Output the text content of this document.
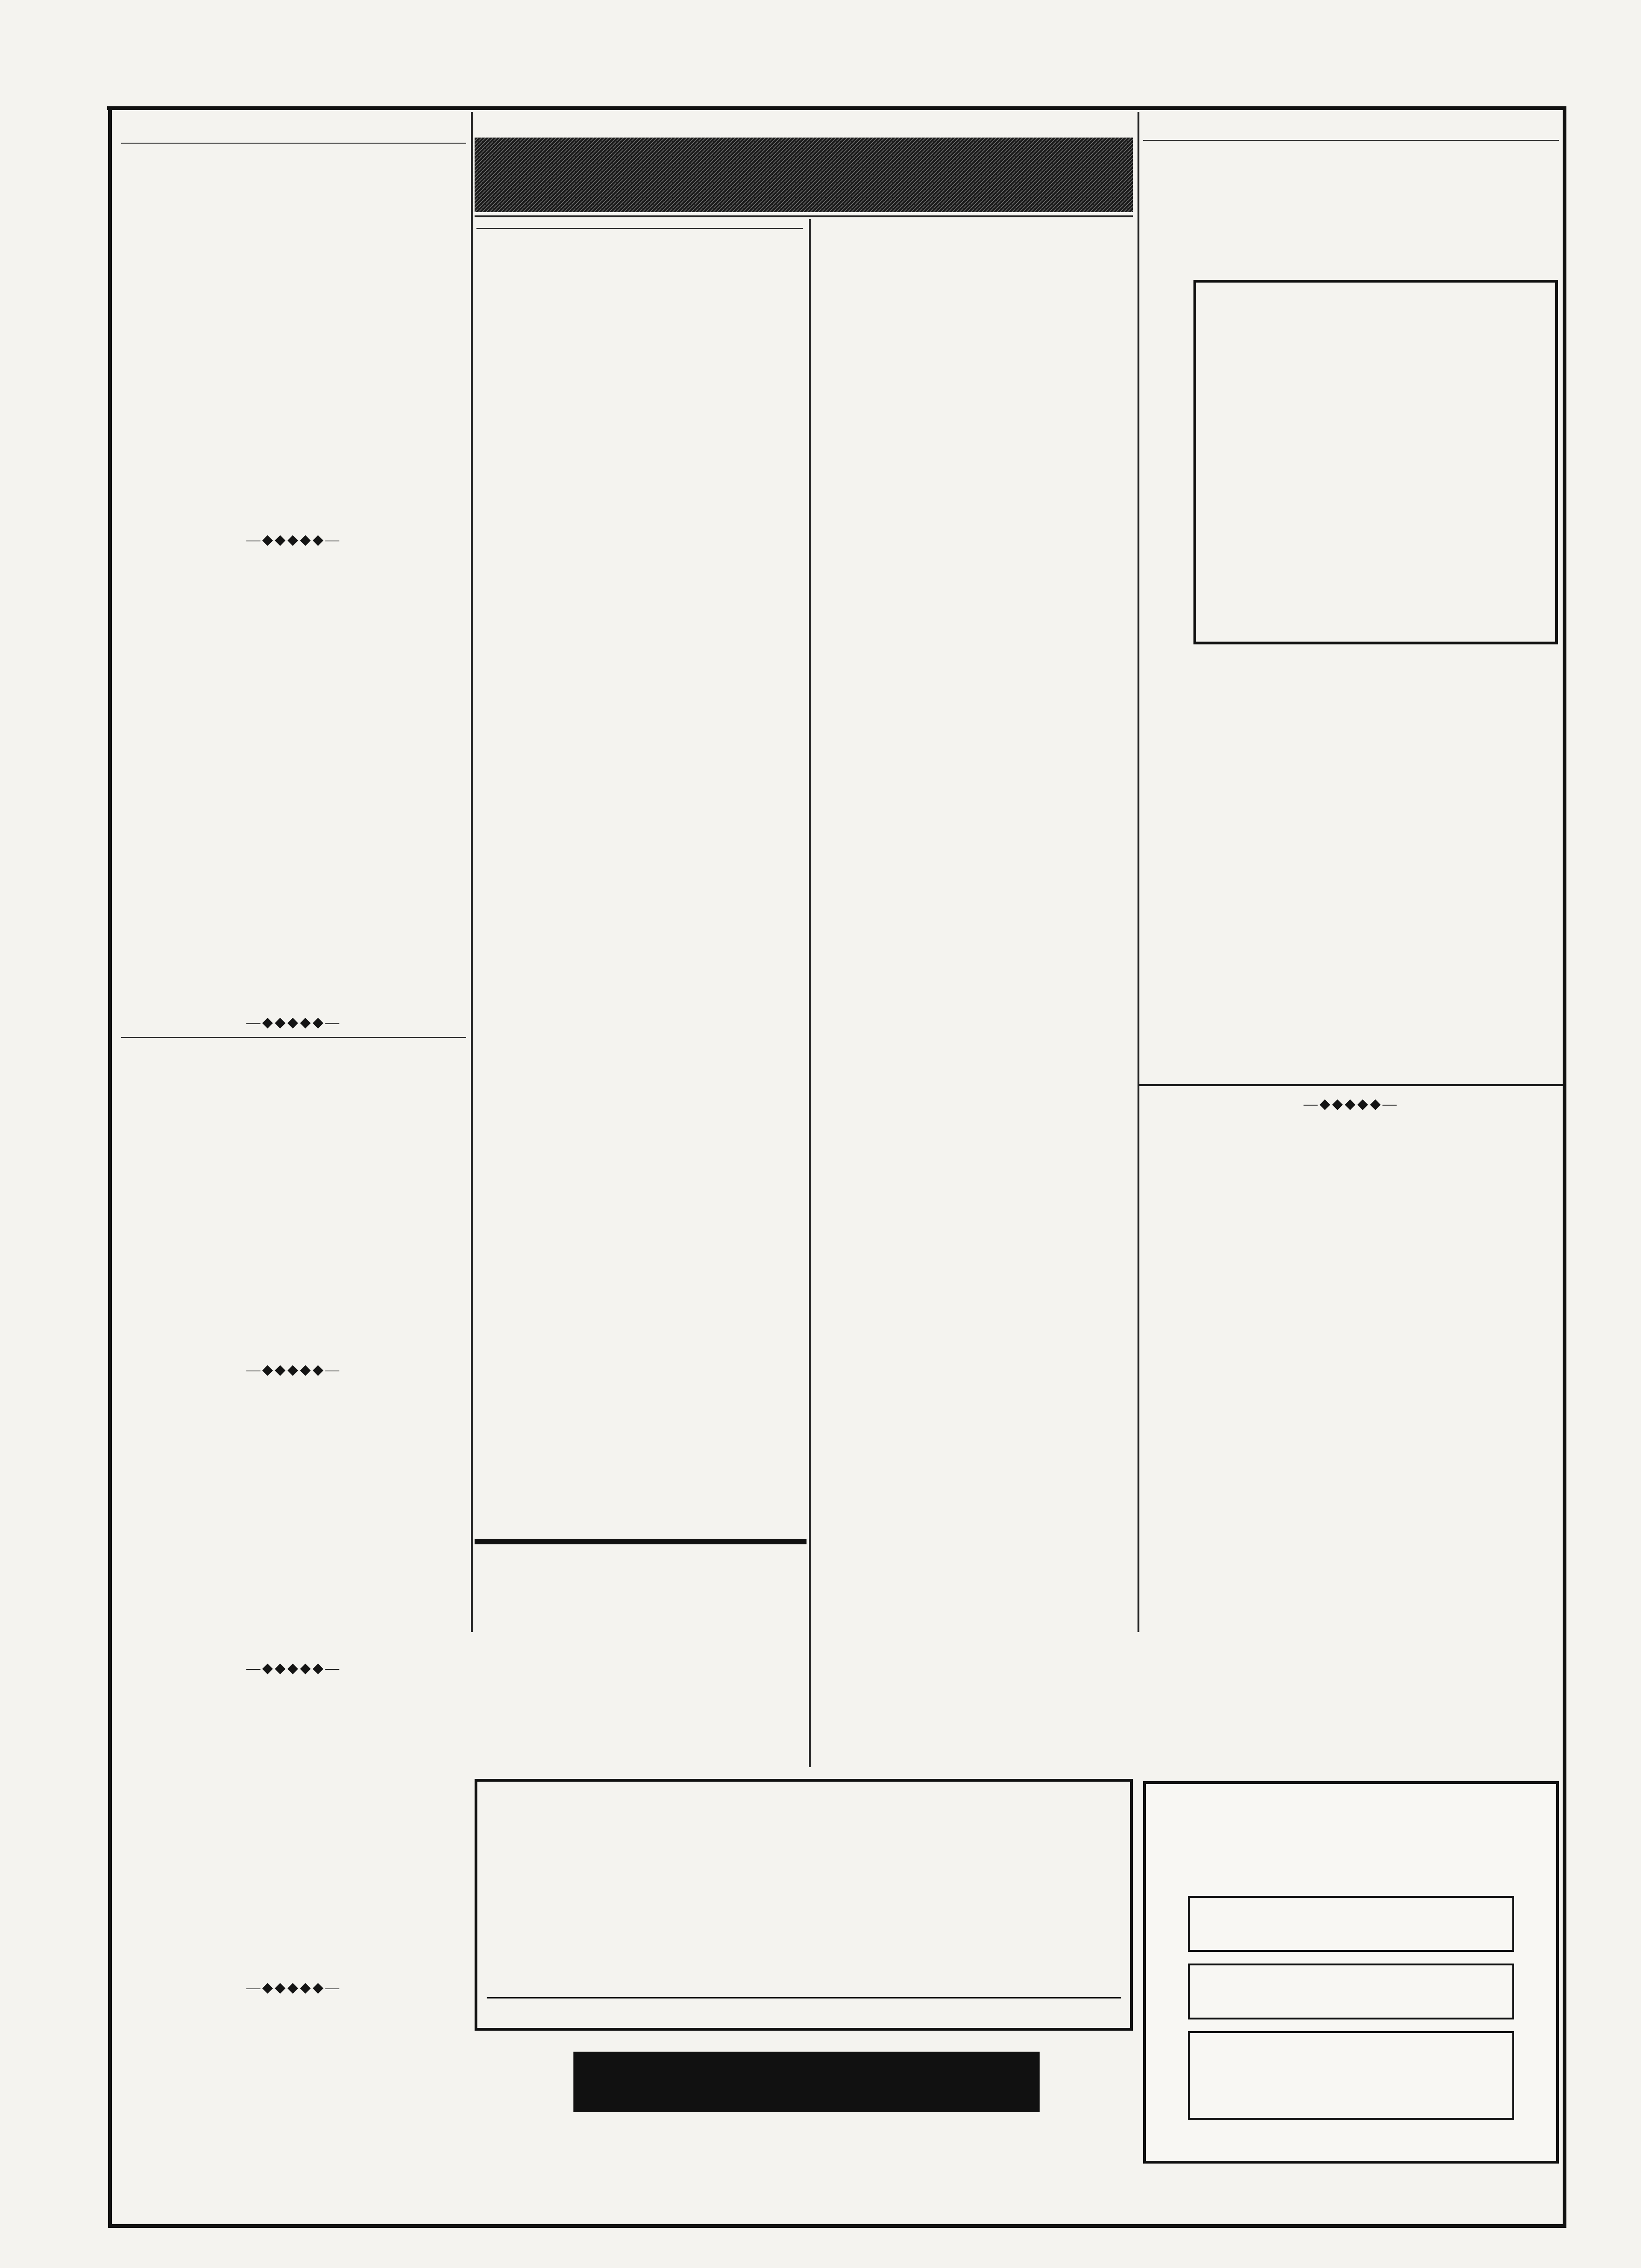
—◆◆◆◆◆—

—◆◆◆◆◆—

—◆◆◆◆◆—

—◆◆◆◆◆—

—◆◆◆◆◆—

—◆◆◆◆◆—
